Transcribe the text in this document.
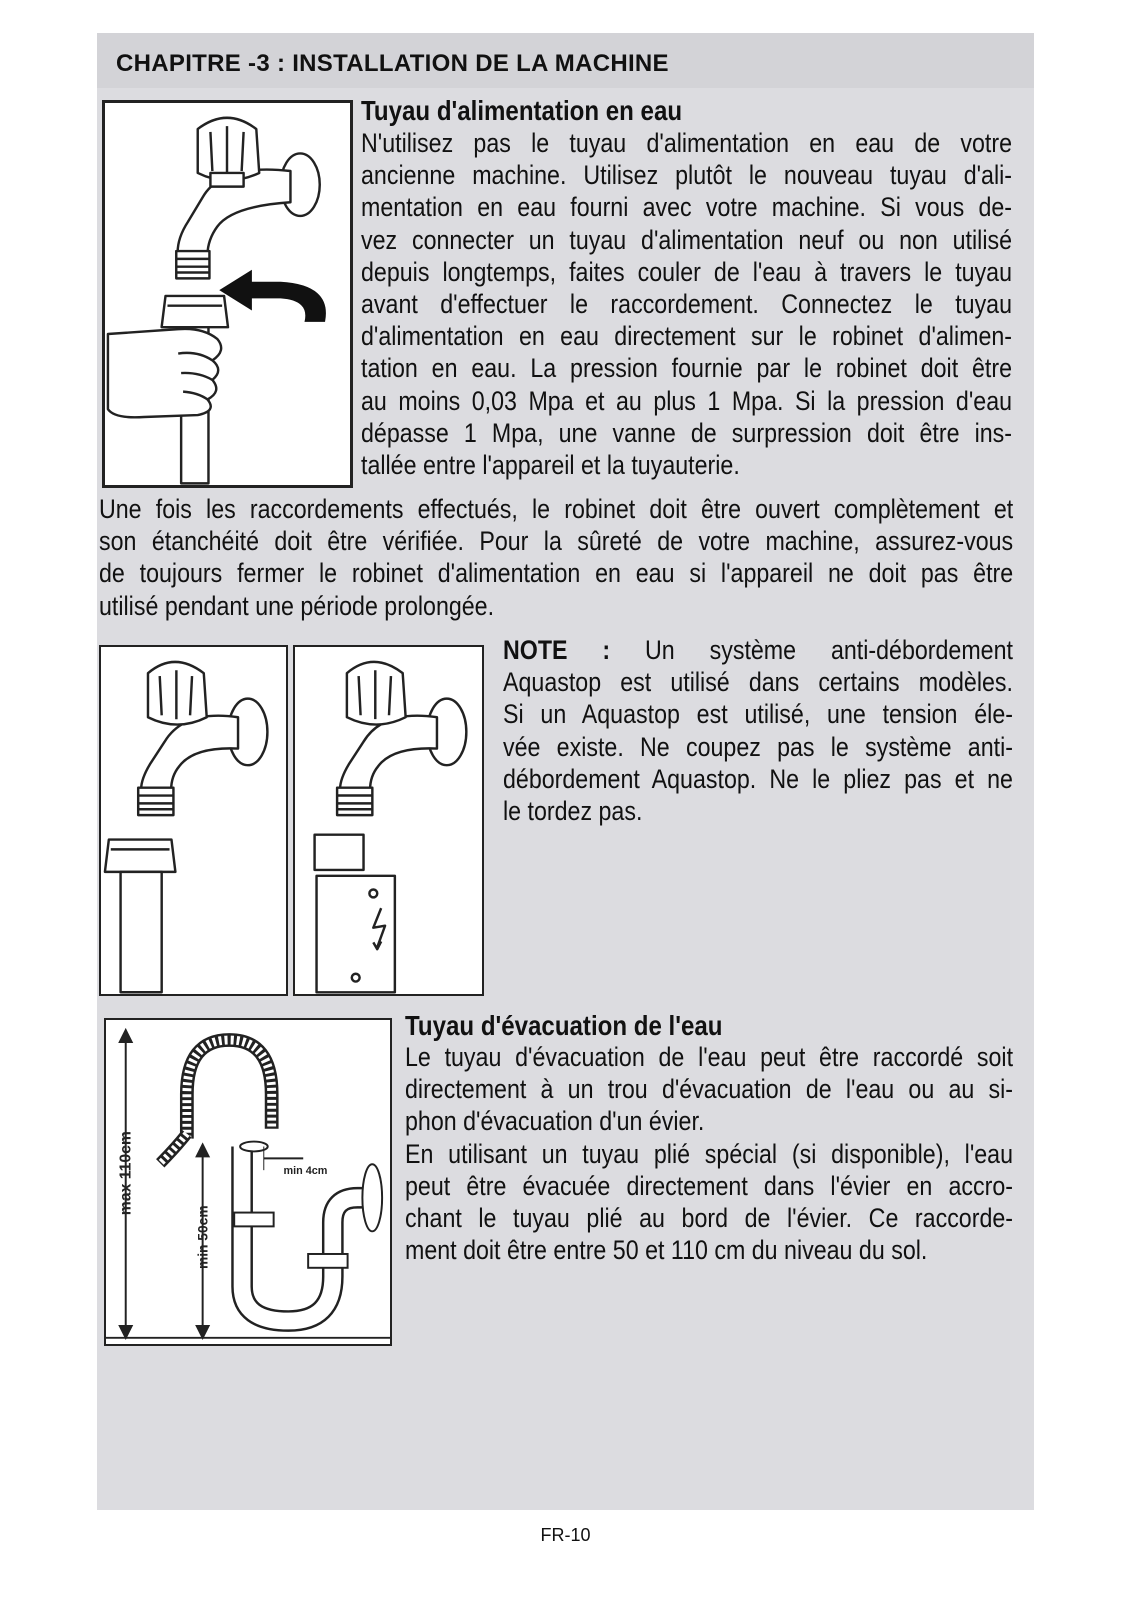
CHAPITRE -3 : INSTALLATION DE LA MACHINE
Tuyau d'alimentation en eau
N'utilisez pas le tuyau d'alimentation en eau de votre
ancienne machine. Utilisez plutôt le nouveau tuyau d'ali-
mentation en eau fourni avec votre machine. Si vous de-
vez connecter un tuyau d'alimentation neuf ou non utilisé
depuis longtemps, faites couler de l'eau à travers le tuyau
avant d'effectuer le raccordement. Connectez le tuyau
d'alimentation en eau directement sur le robinet d'alimen-
tation en eau. La pression fournie par le robinet doit être
au moins 0,03 Mpa et au plus 1 Mpa. Si la pression d'eau
dépasse 1 Mpa, une vanne de surpression doit être ins-
tallée entre l'appareil et la tuyauterie.
Une fois les raccordements effectués, le robinet doit être ouvert complètement et
son étanchéité doit être vérifiée. Pour la sûreté de votre machine, assurez-vous
de toujours fermer le robinet d'alimentation en eau si l'appareil ne doit pas être
utilisé pendant une période prolongée.
NOTE : Un système anti-débordement
Aquastop est utilisé dans certains modèles.
Si un Aquastop est utilisé, une tension éle-
vée existe. Ne coupez pas le système anti-
débordement Aquastop. Ne le pliez pas et ne
le tordez pas.
max 110cm
min 50cm
min 4cm
Tuyau d'évacuation de l'eau
Le tuyau d'évacuation de l'eau peut être raccordé soit
directement à un trou d'évacuation de l'eau ou au si-
phon d'évacuation d'un évier.
En utilisant un tuyau plié spécial (si disponible), l'eau
peut être évacuée directement dans l'évier en accro-
chant le tuyau plié au bord de l'évier. Ce raccorde-
ment doit être entre 50 et 110 cm du niveau du sol.
FR-10
